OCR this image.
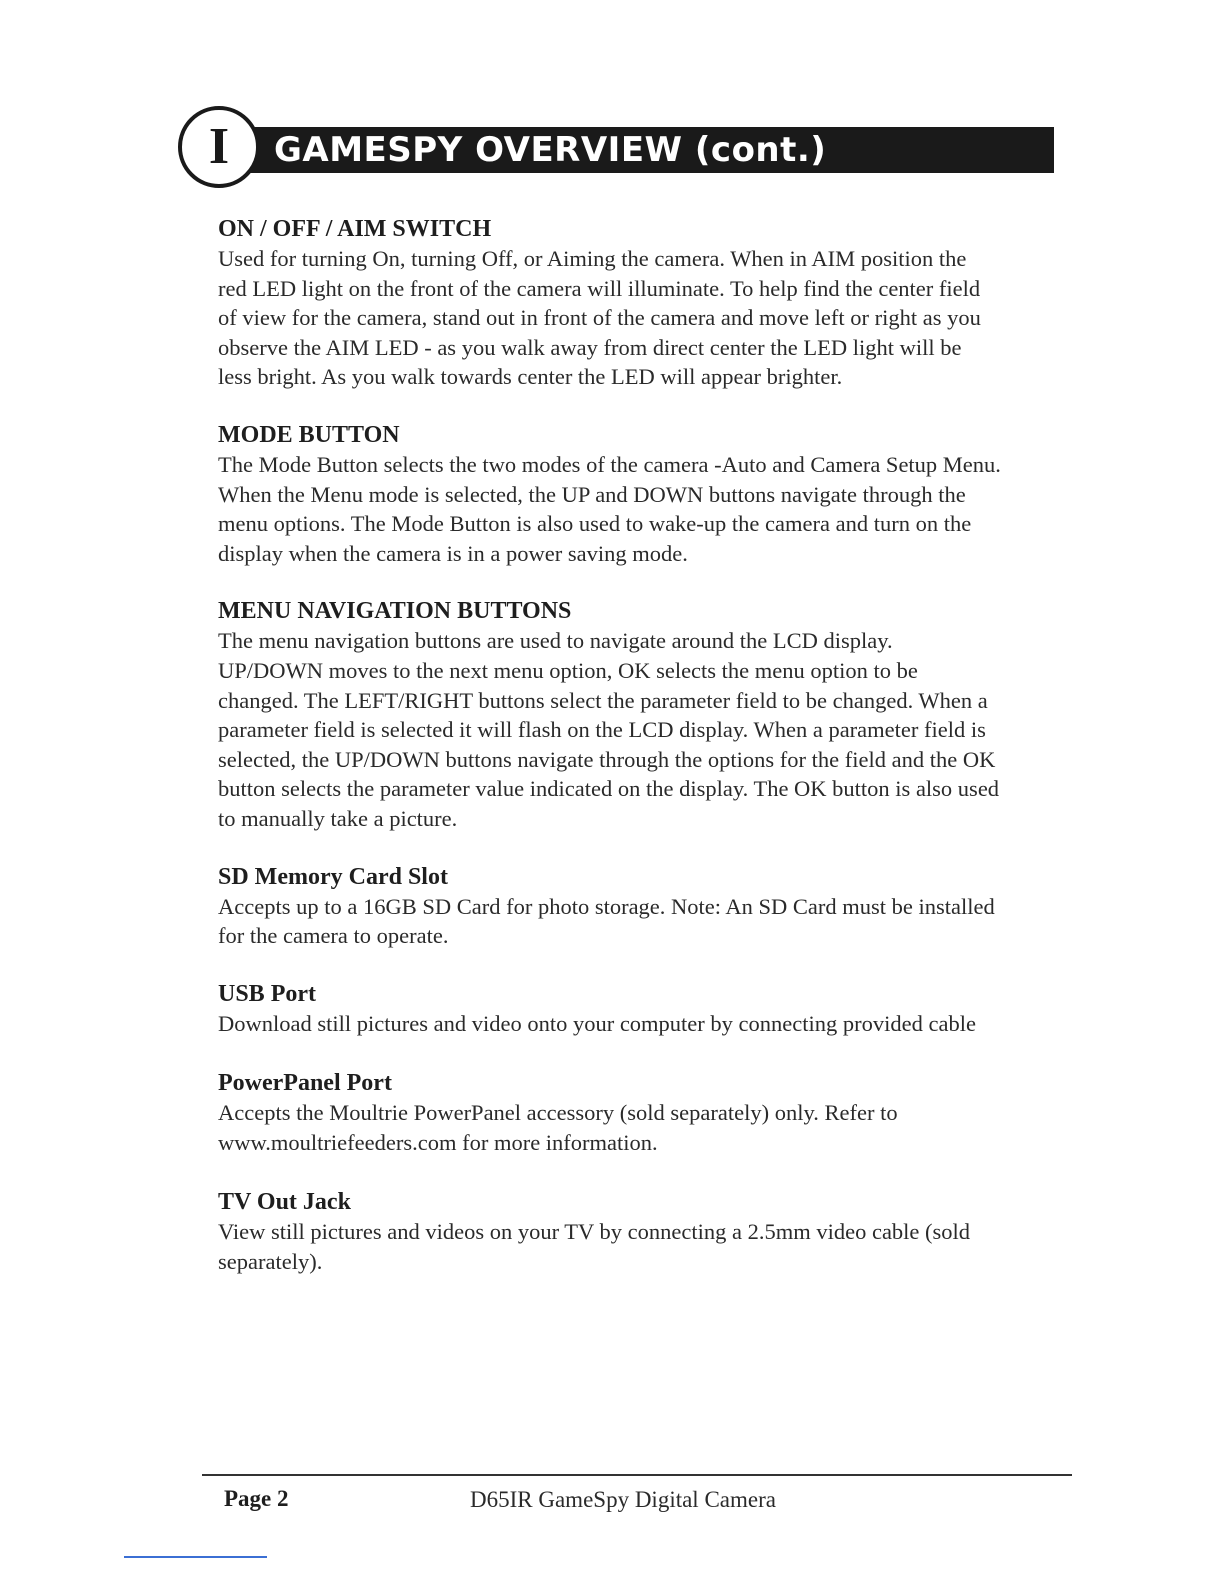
GAMESPY OVERVIEW (cont.)
I
ON / OFF / AIM SWITCH
Used for turning On, turning Off, or Aiming the camera. When in AIM position the
red LED light on the front of the camera will illuminate. To help find the center field
of view for the camera, stand out in front of the camera and move left or right as you
observe the AIM LED - as you walk away from direct center the LED light will be
less bright. As you walk towards center the LED will appear brighter.
MODE BUTTON
The Mode Button selects the two modes of the camera -Auto and Camera Setup Menu.
When the Menu mode is selected, the UP and DOWN buttons navigate through the
menu options. The Mode Button is also used to wake-up the camera and turn on the
display when the camera is in a power saving mode.
MENU NAVIGATION BUTTONS
The menu navigation buttons are used to navigate around the LCD display.
UP/DOWN moves to the next menu option, OK selects the menu option to be
changed. The LEFT/RIGHT buttons select the parameter field to be changed. When a
parameter field is selected it will flash on the LCD display. When a parameter field is
selected, the UP/DOWN buttons navigate through the options for the field and the OK
button selects the parameter value indicated on the display. The OK button is also used
to manually take a picture.
SD Memory Card Slot
Accepts up to a 16GB SD Card for photo storage. Note: An SD Card must be installed
for the camera to operate.
USB Port
Download still pictures and video onto your computer by connecting provided cable
PowerPanel Port
Accepts the Moultrie PowerPanel accessory (sold separately) only. Refer to
www.moultriefeeders.com for more information.
TV Out Jack
View still pictures and videos on your TV by connecting a 2.5mm video cable (sold
separately).
Page 2	D65IR GameSpy Digital Camera
